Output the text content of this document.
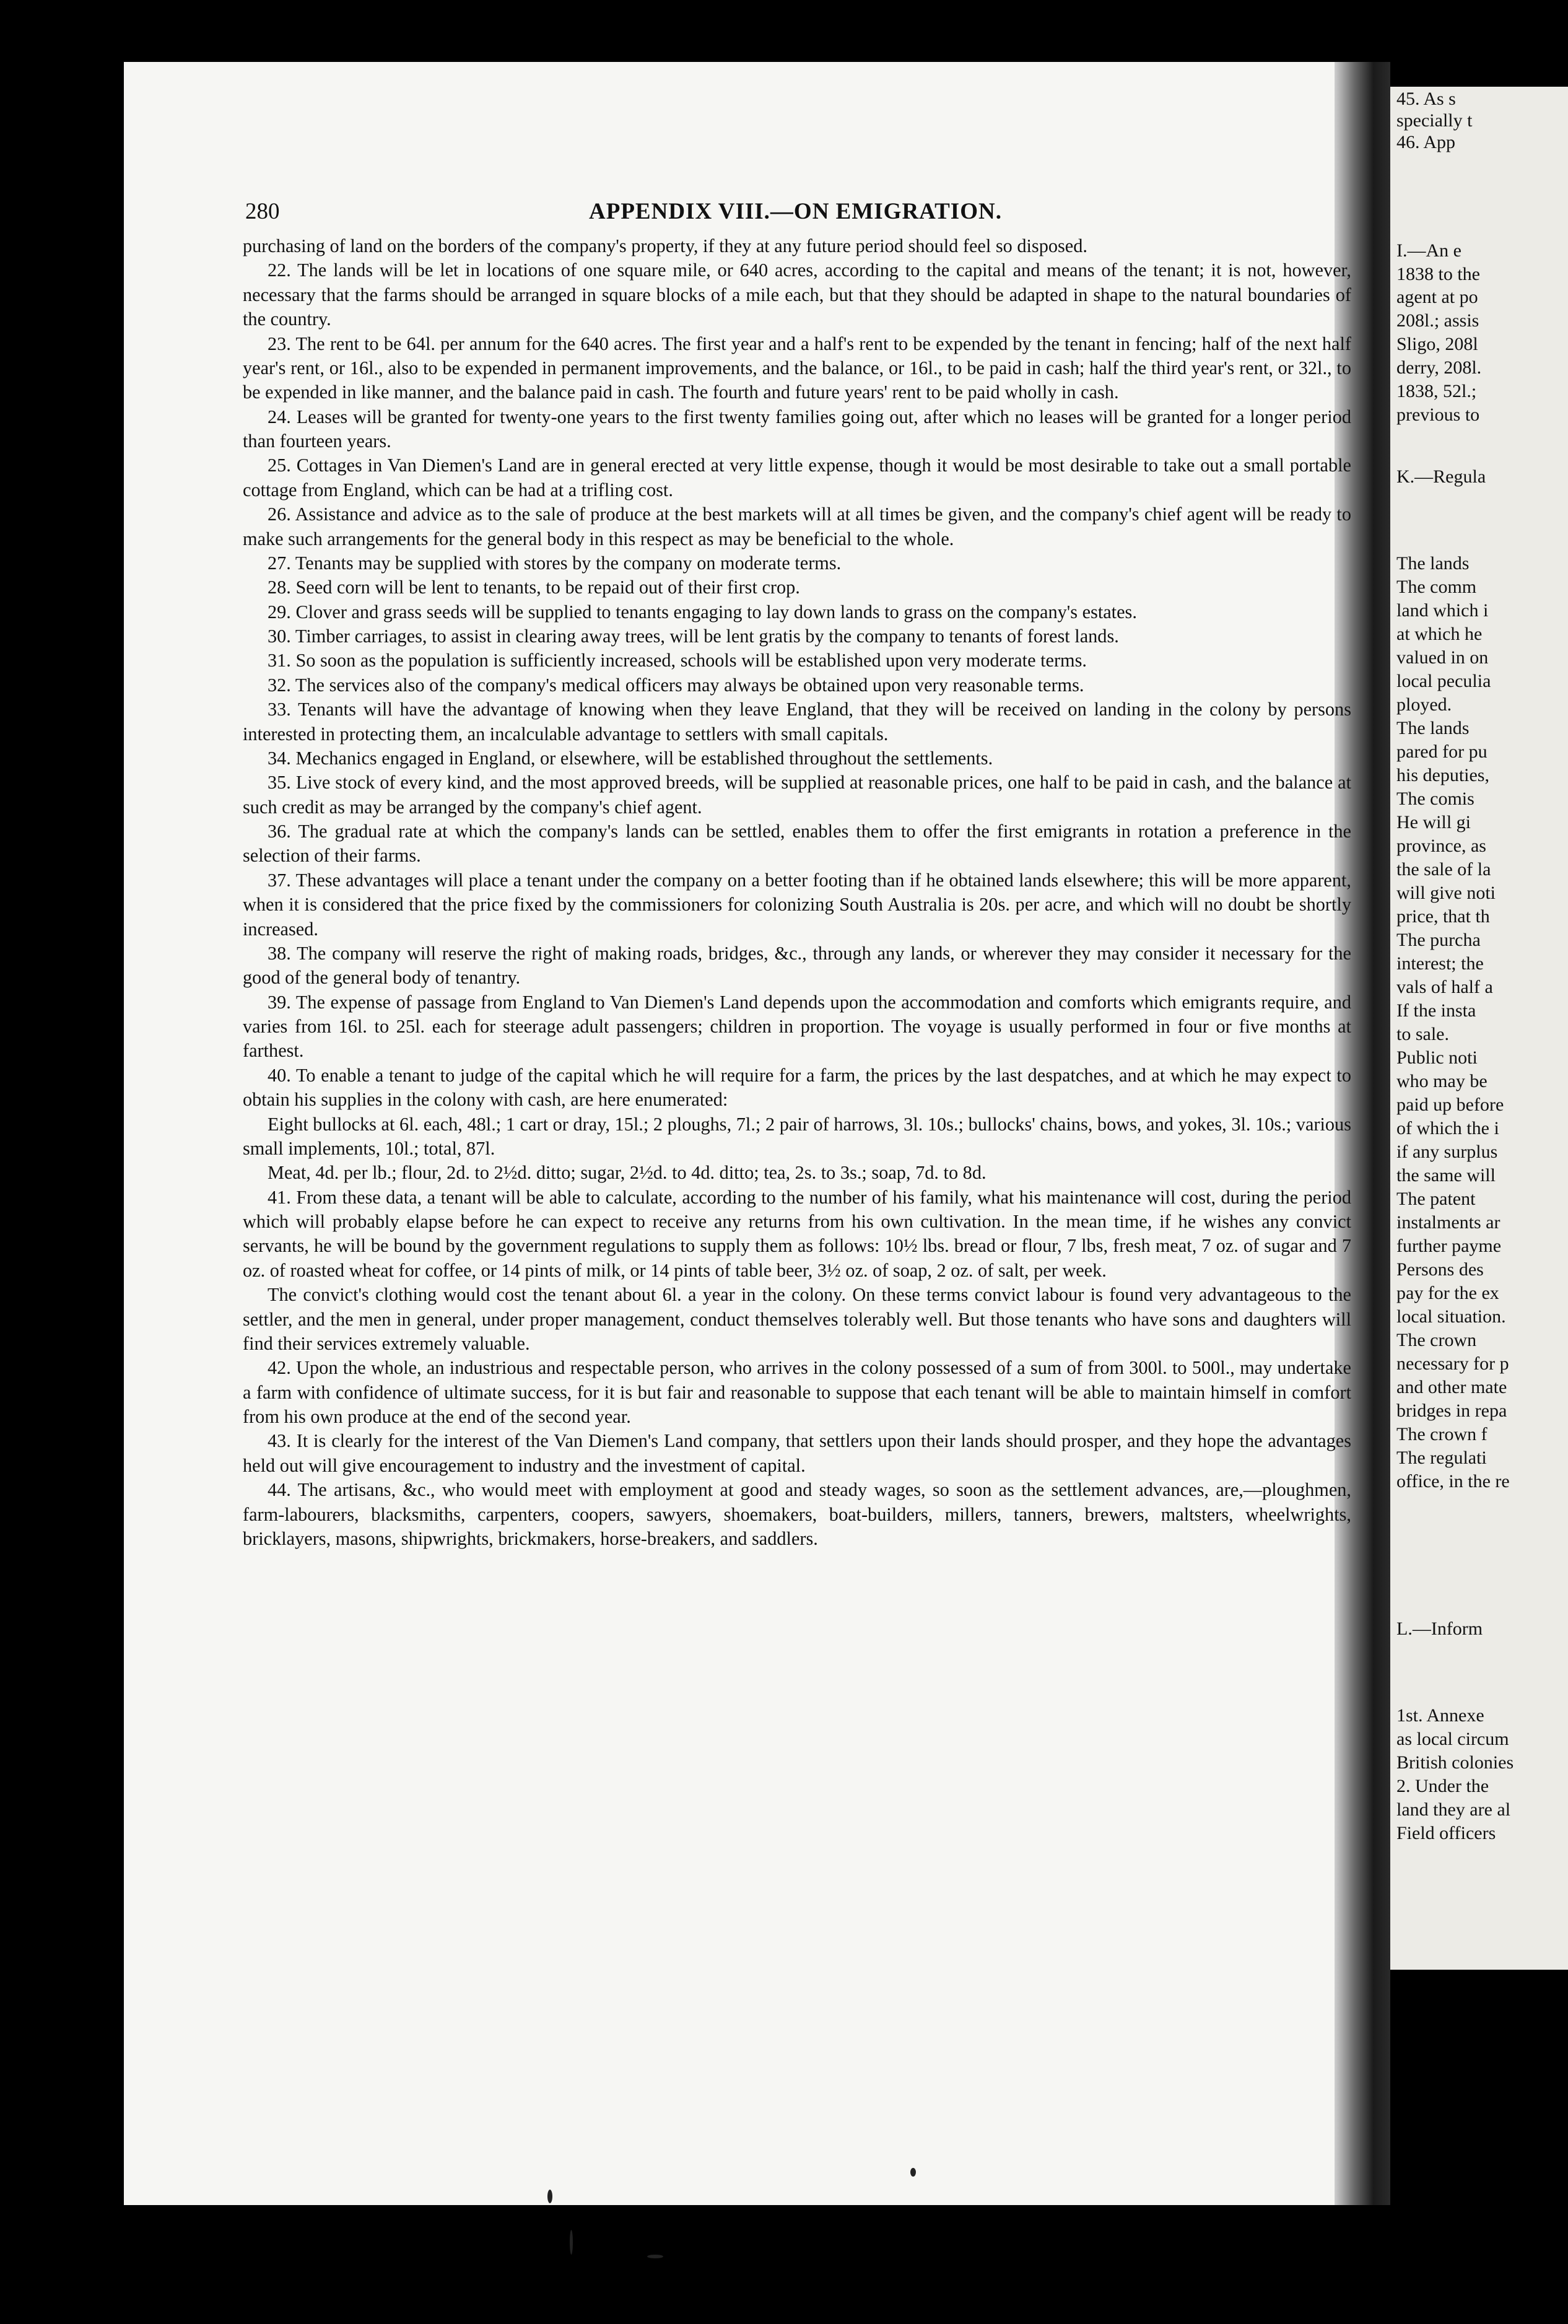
280	APPENDIX VIII.—ON EMIGRATION.

purchasing of land on the borders of the company's property, if they at any future period should feel so disposed.

22. The lands will be let in locations of one square mile, or 640 acres, according to the capital and means of the tenant; it is not, however, necessary that the farms should be arranged in square blocks of a mile each, but that they should be adapted in shape to the natural boundaries of the country.

23. The rent to be 64l. per annum for the 640 acres. The first year and a half's rent to be expended by the tenant in fencing; half of the next half year's rent, or 16l., also to be expended in permanent improvements, and the balance, or 16l., to be paid in cash; half the third year's rent, or 32l., to be expended in like manner, and the balance paid in cash. The fourth and future years' rent to be paid wholly in cash.

24. Leases will be granted for twenty-one years to the first twenty families going out, after which no leases will be granted for a longer period than fourteen years.

25. Cottages in Van Diemen's Land are in general erected at very little expense, though it would be most desirable to take out a small portable cottage from England, which can be had at a trifling cost.

26. Assistance and advice as to the sale of produce at the best markets will at all times be given, and the company's chief agent will be ready to make such arrangements for the general body in this respect as may be beneficial to the whole.

27. Tenants may be supplied with stores by the company on moderate terms.

28. Seed corn will be lent to tenants, to be repaid out of their first crop.

29. Clover and grass seeds will be supplied to tenants engaging to lay down lands to grass on the company's estates.

30. Timber carriages, to assist in clearing away trees, will be lent gratis by the company to tenants of forest lands.

31. So soon as the population is sufficiently increased, schools will be established upon very moderate terms.

32. The services also of the company's medical officers may always be obtained upon very reasonable terms.

33. Tenants will have the advantage of knowing when they leave England, that they will be received on landing in the colony by persons interested in protecting them, an incalculable advantage to settlers with small capitals.

34. Mechanics engaged in England, or elsewhere, will be established throughout the settlements.

35. Live stock of every kind, and the most approved breeds, will be supplied at reasonable prices, one half to be paid in cash, and the balance at such credit as may be arranged by the company's chief agent.

36. The gradual rate at which the company's lands can be settled, enables them to offer the first emigrants in rotation a preference in the selection of their farms.

37. These advantages will place a tenant under the company on a better footing than if he obtained lands elsewhere; this will be more apparent, when it is considered that the price fixed by the commissioners for colonizing South Australia is 20s. per acre, and which will no doubt be shortly increased.

38. The company will reserve the right of making roads, bridges, &c., through any lands, or wherever they may consider it necessary for the good of the general body of tenantry.

39. The expense of passage from England to Van Diemen's Land depends upon the accommodation and comforts which emigrants require, and varies from 16l. to 25l. each for steerage adult passengers; children in proportion. The voyage is usually performed in four or five months at farthest.

40. To enable a tenant to judge of the capital which he will require for a farm, the prices by the last despatches, and at which he may expect to obtain his supplies in the colony with cash, are here enumerated:

Eight bullocks at 6l. each, 48l.; 1 cart or dray, 15l.; 2 ploughs, 7l.; 2 pair of harrows, 3l. 10s.; bullocks' chains, bows, and yokes, 3l. 10s.; various small implements, 10l.; total, 87l.

Meat, 4d. per lb.; flour, 2d. to 2½d. ditto; sugar, 2½d. to 4d. ditto; tea, 2s. to 3s.; soap, 7d. to 8d.

41. From these data, a tenant will be able to calculate, according to the number of his family, what his maintenance will cost, during the period which will probably elapse before he can expect to receive any returns from his own cultivation. In the mean time, if he wishes any convict servants, he will be bound by the government regulations to supply them as follows: 10½ lbs. bread or flour, 7 lbs, fresh meat, 7 oz. of sugar and 7 oz. of roasted wheat for coffee, or 14 pints of milk, or 14 pints of table beer, 3½ oz. of soap, 2 oz. of salt, per week.

The convict's clothing would cost the tenant about 6l. a year in the colony. On these terms convict labour is found very advantageous to the settler, and the men in general, under proper management, conduct themselves tolerably well. But those tenants who have sons and daughters will find their services extremely valuable.

42. Upon the whole, an industrious and respectable person, who arrives in the colony possessed of a sum of from 300l. to 500l., may undertake a farm with confidence of ultimate success, for it is but fair and reasonable to suppose that each tenant will be able to maintain himself in comfort from his own produce at the end of the second year.

43. It is clearly for the interest of the Van Diemen's Land company, that settlers upon their lands should prosper, and they hope the advantages held out will give encouragement to industry and the investment of capital.

44. The artisans, &c., who would meet with employment at good and steady wages, so soon as the settlement advances, are,—ploughmen, farm-labourers, blacksmiths, carpenters, coopers, sawyers, shoemakers, boat-builders, millers, tanners, brewers, maltsters, wheelwrights, bricklayers, masons, shipwrights, brickmakers, horse-breakers, and saddlers.

45. As s
specially t
46. App
I.—An e
1838 to the
agent at po
208l.; assis
Sligo, 208l
derry, 208l.
1838, 52l.;
previous to
K.—Regula
The lands
The comm
land which i
at which he
valued in on
local peculia
ployed.
The lands
pared for pu
his deputies,
The comis
He will gi
province, as
the sale of la
will give noti
price, that th
The purcha
interest; the
vals of half a
If the insta
to sale.
Public noti
who may be
paid up before
of which the i
if any surplus
the same will
The patent
instalments ar
further payme
Persons des
pay for the ex
local situation.
The crown
necessary for p
and other mate
bridges in repa
The crown f
The regulati
office, in the re
L.—Inform
1st. Annexe
as local circum
British colonies
2. Under the
land they are al
Field officers
